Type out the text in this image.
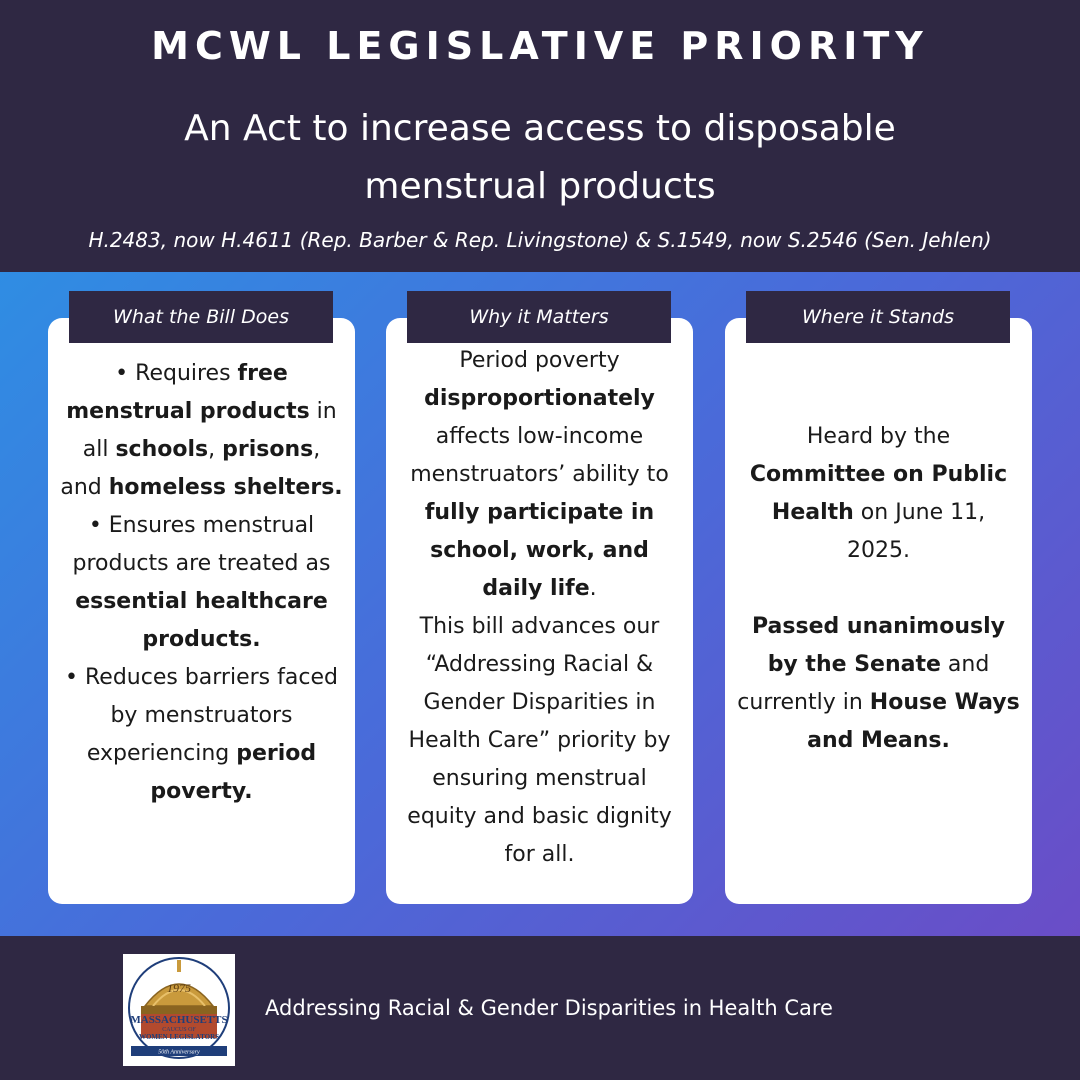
MCWL LEGISLATIVE PRIORITY
An Act to increase access to disposable menstrual products
H.2483, now H.4611 (Rep. Barber & Rep. Livingstone) & S.1549, now S.2546 (Sen. Jehlen)
What the Bill Does
• Requires free menstrual products in all schools, prisons, and homeless shelters.
• Ensures menstrual products are treated as essential healthcare products.
• Reduces barriers faced by menstruators experiencing period poverty.
Why it Matters
Period poverty disproportionately affects low-income menstruators’ ability to fully participate in school, work, and daily life.
This bill advances our “Addressing Racial & Gender Disparities in Health Care” priority by ensuring menstrual equity and basic dignity for all.
Where it Stands
Heard by the Committee on Public Health on June 11, 2025.
Passed unanimously by the Senate and currently in House Ways and Means.
1975
MASSACHUSETTS
CAUCUS OF
WOMEN LEGISLATORS
50th Anniversary
Addressing Racial & Gender Disparities in Health Care
